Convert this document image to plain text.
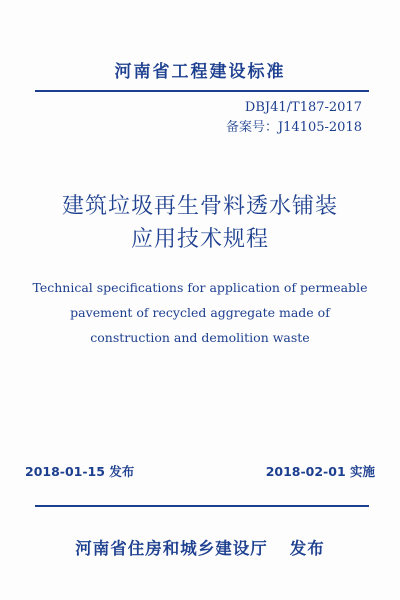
河南省工程建设标准
DBJ41/T187-2017
备案号：J14105-2018
建筑垃圾再生骨料透水铺装
应用技术规程
Technical specifications for application of permeable
pavement of recycled aggregate made of
construction and demolition waste
2018-01-15 发布	2018-02-01 实施
河南省住房和城乡建设厅 发布
